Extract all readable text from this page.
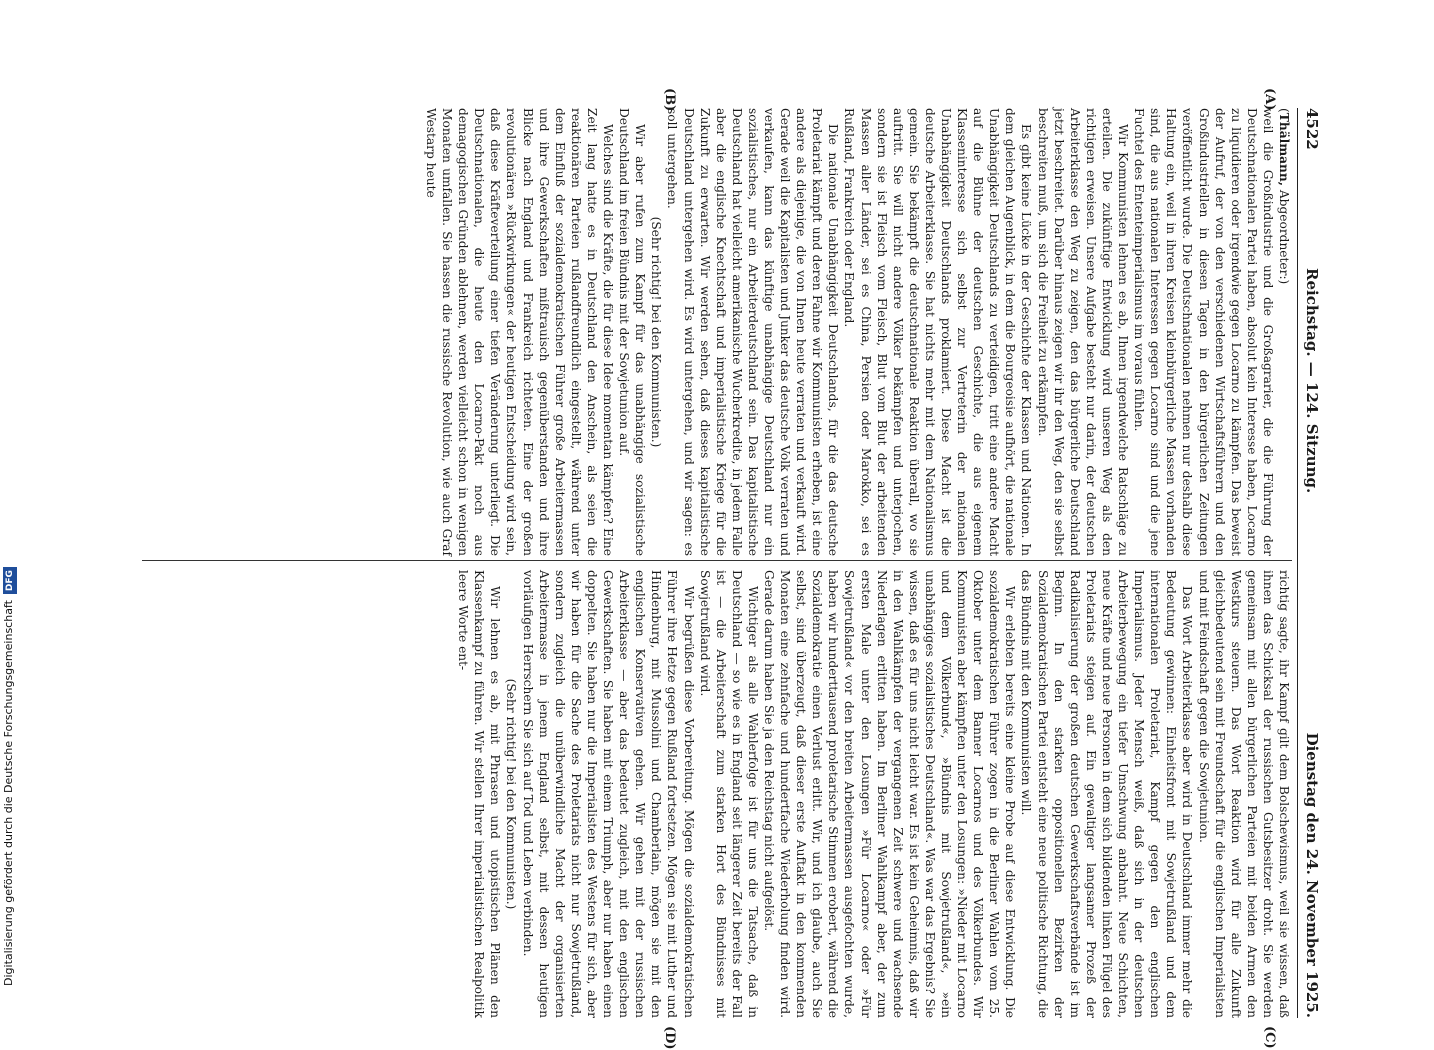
4522
Reichstag. — 124. Sitzung.
Dienstag den 24. November 1925.
(A)
(B)
(C)
(D)

(Thälmann, Abgeordneter:)

weil die Großindustrie und die Großagrarier, die die Führung der Deutschnationalen Partei haben, absolut kein Interesse haben, Locarno zu liquidieren oder irgendwie gegen Locarno zu kämpfen. Das beweist der Aufruf, der von den verschiedenen Wirtschaftsführern und den Großindustriellen in diesen Tagen in den bürgerlichen Zeitungen veröffentlicht wurde. Die Deutschnationalen nehmen nur deshalb diese Haltung ein, weil in ihren Kreisen kleinbürgerliche Massen vorhanden sind, die aus nationalen Interessen gegen Locarno sind und die jene Fuchtel des Ententeimperialismus im voraus fühlen.

Wir Kommunisten lehnen es ab, Ihnen irgendwelche Ratschläge zu erteilen. Die zukünftige Entwicklung wird unseren Weg als den richtigen erweisen. Unsere Aufgabe besteht nur darin, der deutschen Arbeiterklasse den Weg zu zeigen, den das bürgerliche Deutschland jetzt beschreitet. Darüber hinaus zeigen wir ihr den Weg, den sie selbst beschreiten muß, um sich die Freiheit zu erkämpfen.

Es gibt keine Lücke in der Geschichte der Klassen und Nationen. In dem gleichen Augenblick, in dem die Bourgeoisie aufhört, die nationale Unabhängigkeit Deutschlands zu verteidigen, tritt eine andere Macht auf die Bühne der deutschen Geschichte, die aus eigenem Klasseninteresse sich selbst zur Vertreterin der nationalen Unabhängigkeit Deutschlands proklamiert. Diese Macht ist die deutsche Arbeiterklasse. Sie hat nichts mehr mit dem Nationalismus gemein. Sie bekämpft die deutschnationale Reaktion überall, wo sie auftritt. Sie will nicht andere Völker bekämpfen und unterjochen, sondern sie ist Fleisch vom Fleisch, Blut vom Blut der arbeitenden Massen aller Länder, sei es China, Persien oder Marokko, sei es Rußland, Frankreich oder England.

Die nationale Unabhängigkeit Deutschlands, für die das deutsche Proletariat kämpft und deren Fahne wir Kommunisten erheben, ist eine andere als diejenige, die von Ihnen heute verraten und verkauft wird. Gerade weil die Kapitalisten und Junker das deutsche Volk verraten und verkaufen, kann das künftige unabhängige Deutschland nur ein sozialistisches, nur ein Arbeiterdeutschland sein. Das kapitalistische Deutschland hat vielleicht amerikanische Wucherkredite, in jedem Falle aber die englische Knechtschaft und imperialistische Kriege für die Zukunft zu erwarten. Wir werden sehen, daß dieses kapitalistische Deutschland untergehen wird. Es wird untergehen, und wir sagen: es soll untergehen.

(Sehr richtig! bei den Kommunisten.)

Wir aber rufen zum Kampf für das unabhängige sozialistische Deutschland im freien Bündnis mit der Sowjetunion auf.

Welches sind die Kräfte, die für diese Idee momentan kämpfen? Eine Zeit lang hatte es in Deutschland den Anschein, als seien die reaktionären Parteien rußlandfreundlich eingestellt, während unter dem Einfluß der sozialdemokratischen Führer große Arbeitermassen und ihre Gewerkschaften mißtrauisch gegenüberstanden und ihre Blicke nach England und Frankreich richteten. Eine der großen revolutionären »Rückwirkungen« der heutigen Entscheidung wird sein, daß diese Kräfteverteilung einer tiefen Veränderung unterliegt. Die Deutschnationalen, die heute den Locarno-Pakt noch aus demagogischen Gründen ablehnen, werden vielleicht schon in wenigen Monaten umfallen. Sie hassen die russische Revolution, wie auch Graf Westarp heute

richtig sagte, ihr Kampf gilt dem Bolschewismus, weil sie wissen, daß ihnen das Schicksal der russischen Gutsbesitzer droht. Sie werden gemeinsam mit allen bürgerlichen Parteien mit beiden Armen den Westkurs steuern. Das Wort Reaktion wird für alle Zukunft gleichbedeutend sein mit Freundschaft für die englischen Imperialisten und mit Feindschaft gegen die Sowjetunion.

Das Wort Arbeiterklasse aber wird in Deutschland immer mehr die Bedeutung gewinnen: Einheitsfront mit Sowjetrußland und dem internationalen Proletariat, Kampf gegen den englischen Imperialismus. Jeder Mensch weiß, daß sich in der deutschen Arbeiterbewegung ein tiefer Umschwung anbahnt. Neue Schichten, neue Kräfte und neue Personen in dem sich bildenden linken Flügel des Proletariats steigen auf. Ein gewaltiger langsamer Prozeß der Radikalisierung der großen deutschen Gewerkschaftsverbände ist im Beginn. In den starken oppositionellen Bezirken der Sozialdemokratischen Partei entsteht eine neue politische Richtung, die das Bündnis mit den Kommunisten will.

Wir erlebten bereits eine kleine Probe auf diese Entwicklung. Die sozialdemokratischen Führer zogen in die Berliner Wahlen vom 25. Oktober unter dem Banner Locarnos und des Völkerbundes. Wir Kommunisten aber kämpften unter den Losungen: »Nieder mit Locarno und dem Völkerbund«, »Bündnis mit Sowjetrußland«, »ein unabhängiges sozialistisches Deutschland«. Was war das Ergebnis? Sie wissen, daß es für uns nicht leicht war. Es ist kein Geheimnis, daß wir in den Wahlkämpfen der vergangenen Zeit schwere und wachsende Niederlagen erlitten haben. Im Berliner Wahlkampf aber, der zum ersten Male unter den Losungen »Für Locarno« oder »Für Sowjetrußland« vor den breiten Arbeitermassen ausgefochten wurde, haben wir hunderttausend proletarische Stimmen erobert, während die Sozialdemokratie einen Verlust erlitt. Wir, und ich glaube, auch Sie selbst, sind überzeugt, daß dieser erste Auftakt in den kommenden Monaten eine zehnfache und hundertfache Wiederholung finden wird. Gerade darum haben Sie ja den Reichstag nicht aufgelöst.

Wichtiger als alle Wahlerfolge ist für uns die Tatsache, daß in Deutschland — so wie es in England seit längerer Zeit bereits der Fall ist — die Arbeiterschaft zum starken Hort des Bündnisses mit Sowjetrußland wird.

Wir begrüßen diese Vorbereitung. Mögen die sozialdemokratischen Führer ihre Hetze gegen Rußland fortsetzen. Mögen sie mit Luther und Hindenburg, mit Mussolini und Chamberlain, mögen sie mit den englischen Konservativen gehen. Wir gehen mit der russischen Arbeiterklasse — aber das bedeutet zugleich, mit den englischen Gewerkschaften. Sie haben mit einem Triumph, aber nur haben einen doppelten. Sie haben nur die Imperialisten des Westens für sich, aber wir haben für die Sache des Proletariats nicht nur Sowjetrußland, sondern zugleich die unüberwindliche Macht der organisierten Arbeitermasse in jenem England selbst, mit dessen heutigen vorläufigen Herrschern Sie sich auf Tod und Leben verbinden.

(Sehr richtig! bei den Kommunisten.)

Wir lehnen es ab, mit Phrasen und utopistischen Plänen den Klassenkampf zu führen. Wir stellen Ihrer imperialistischen Realpolitik leere Worte ent-

Digitalisierung gefördert durch die Deutsche ForschungsgemeinschaftDFG
